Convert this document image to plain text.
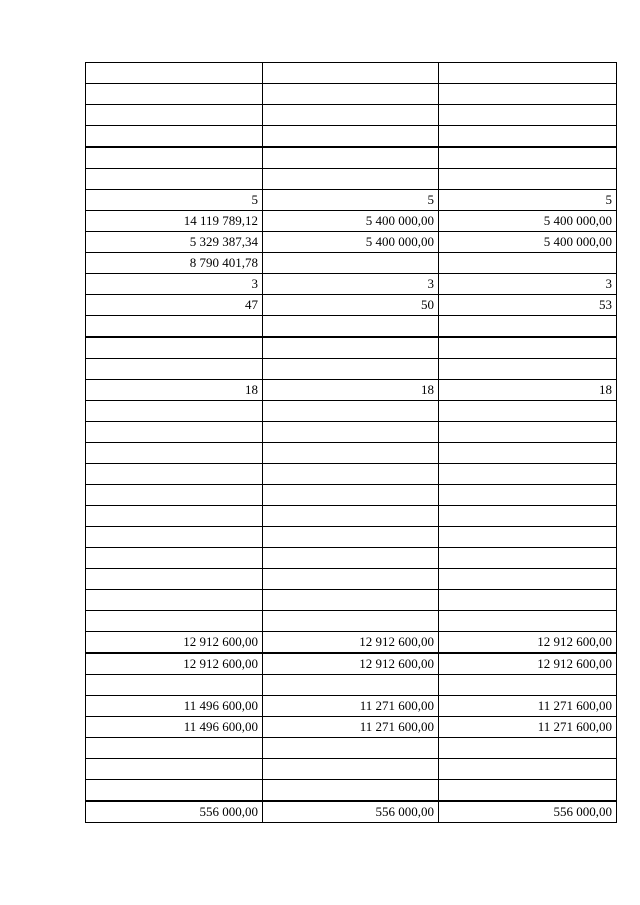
5	5	5
14 119 789,12	5 400 000,00	5 400 000,00
5 329 387,34	5 400 000,00	5 400 000,00
8 790 401,78		
3	3	3
47	50	53

18	18	18

12 912 600,00	12 912 600,00	12 912 600,00
12 912 600,00	12 912 600,00	12 912 600,00

11 496 600,00	11 271 600,00	11 271 600,00
11 496 600,00	11 271 600,00	11 271 600,00

556 000,00	556 000,00	556 000,00
